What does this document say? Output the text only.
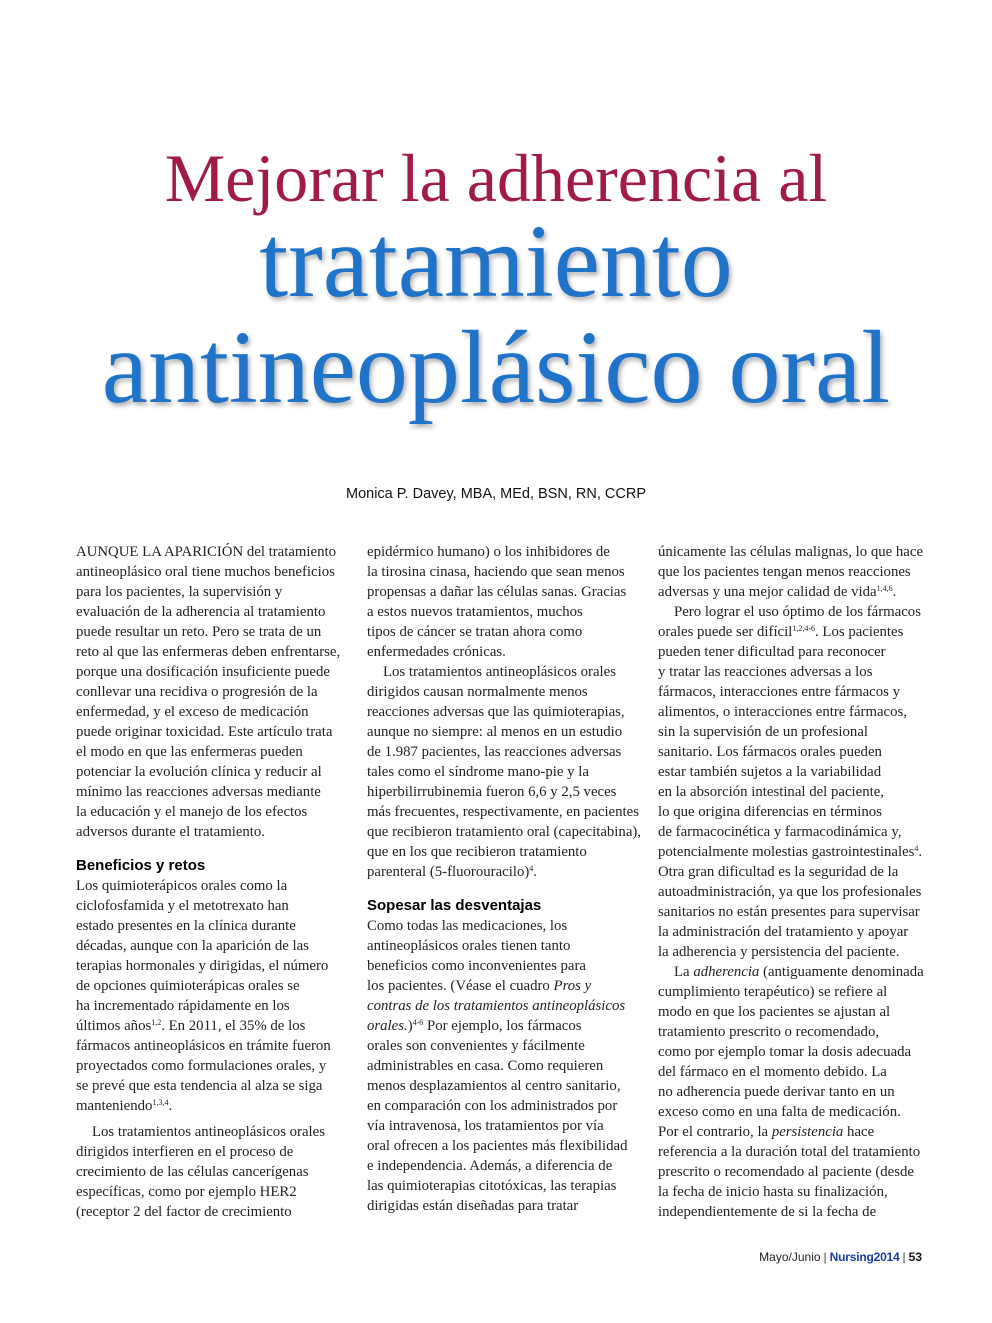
Mejorar la adherencia al
tratamiento
antineoplásico oral
Monica P. Davey, MBA, MEd, BSN, RN, CCRP

AUNQUE LA APARICIÓN del tratamiento
antineoplásico oral tiene muchos beneficios
para los pacientes, la supervisión y
evaluación de la adherencia al tratamiento
puede resultar un reto. Pero se trata de un
reto al que las enfermeras deben enfrentarse,
porque una dosificación insuficiente puede
conllevar una recidiva o progresión de la
enfermedad, y el exceso de medicación
puede originar toxicidad. Este artículo trata
el modo en que las enfermeras pueden
potenciar la evolución clínica y reducir al
mínimo las reacciones adversas mediante
la educación y el manejo de los efectos
adversos durante el tratamiento.

Beneficios y retos

Los quimioterápicos orales como la
ciclofosfamida y el metotrexato han
estado presentes en la clínica durante
décadas, aunque con la aparición de las
terapias hormonales y dirigidas, el número
de opciones quimioterápicas orales se
ha incrementado rápidamente en los
últimos años$^{1,2}$. En 2011, el 35% de los
fármacos antineoplásicos en trámite fueron
proyectados como formulaciones orales, y
se prevé que esta tendencia al alza se siga
manteniendo$^{1,3,4}$.

Los tratamientos antineoplásicos orales
dirigidos interfieren en el proceso de
crecimiento de las células cancerígenas
específicas, como por ejemplo HER2
(receptor 2 del factor de crecimiento

epidérmico humano) o los inhibidores de
la tirosina cinasa, haciendo que sean menos
propensas a dañar las células sanas. Gracias
a estos nuevos tratamientos, muchos
tipos de cáncer se tratan ahora como
enfermedades crónicas.

Los tratamientos antineoplásicos orales
dirigidos causan normalmente menos
reacciones adversas que las quimioterapias,
aunque no siempre: al menos en un estudio
de 1.987 pacientes, las reacciones adversas
tales como el síndrome mano-pie y la
hiperbilirrubinemia fueron 6,6 y 2,5 veces
más frecuentes, respectivamente, en pacientes
que recibieron tratamiento oral (capecitabina),
que en los que recibieron tratamiento
parenteral (5-fluorouracilo)$^4$.

Sopesar las desventajas

Como todas las medicaciones, los
antineoplásicos orales tienen tanto
beneficios como inconvenientes para
los pacientes. (Véase el cuadro Pros y
contras de los tratamientos antineoplásicos
orales.)$^{4-6}$ Por ejemplo, los fármacos
orales son convenientes y fácilmente
administrables en casa. Como requieren
menos desplazamientos al centro sanitario,
en comparación con los administrados por
vía intravenosa, los tratamientos por vía
oral ofrecen a los pacientes más flexibilidad
e independencia. Además, a diferencia de
las quimioterapias citotóxicas, las terapias
dirigidas están diseñadas para tratar

únicamente las células malignas, lo que hace
que los pacientes tengan menos reacciones
adversas y una mejor calidad de vida$^{1,4,6}$.

Pero lograr el uso óptimo de los fármacos
orales puede ser difícil$^{1,2,4-6}$. Los pacientes
pueden tener dificultad para reconocer
y tratar las reacciones adversas a los
fármacos, interacciones entre fármacos y
alimentos, o interacciones entre fármacos,
sin la supervisión de un profesional
sanitario. Los fármacos orales pueden
estar también sujetos a la variabilidad
en la absorción intestinal del paciente,
lo que origina diferencias en términos
de farmacocinética y farmacodinámica y,
potencialmente molestias gastrointestinales$^4$.
Otra gran dificultad es la seguridad de la
autoadministración, ya que los profesionales
sanitarios no están presentes para supervisar
la administración del tratamiento y apoyar
la adherencia y persistencia del paciente.

La adherencia (antiguamente denominada
cumplimiento terapéutico) se refiere al
modo en que los pacientes se ajustan al
tratamiento prescrito o recomendado,
como por ejemplo tomar la dosis adecuada
del fármaco en el momento debido. La
no adherencia puede derivar tanto en un
exceso como en una falta de medicación.
Por el contrario, la persistencia hace
referencia a la duración total del tratamiento
prescrito o recomendado al paciente (desde
la fecha de inicio hasta su finalización,
independientemente de si la fecha de

Mayo/Junio | Nursing2014 | 53
